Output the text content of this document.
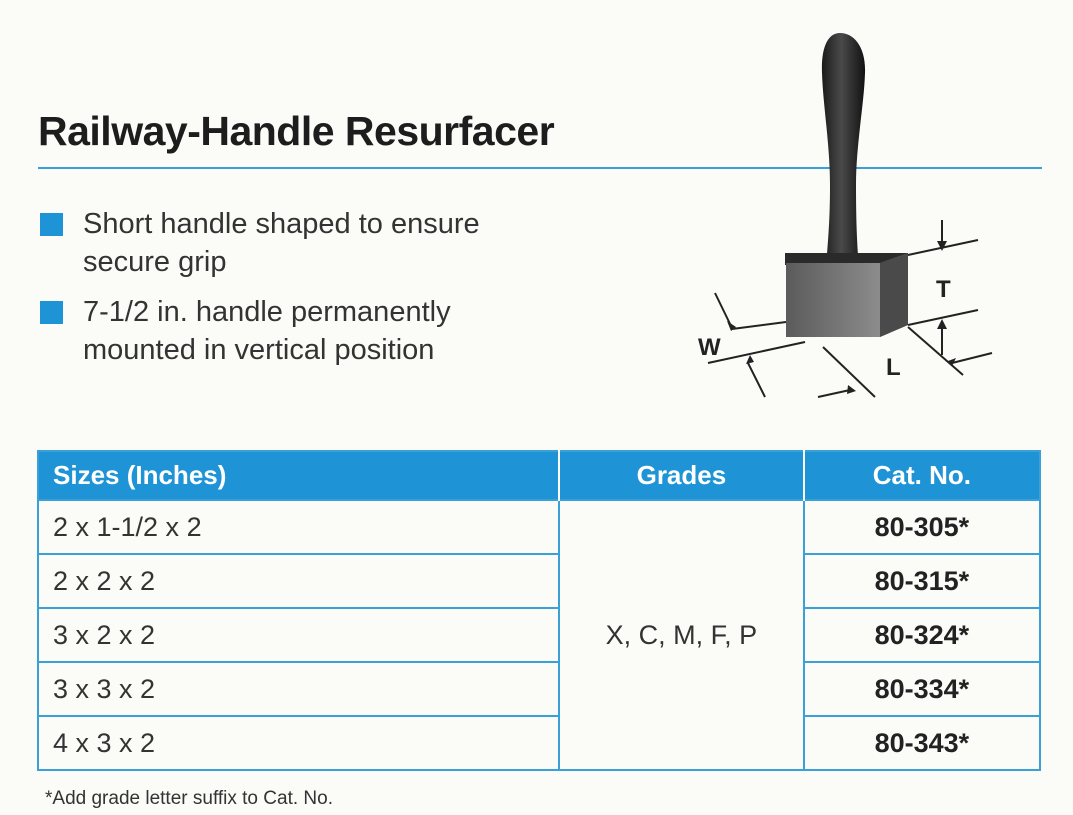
Railway-Handle Resurfacer
Short handle shaped to ensure
secure grip
7-1/2 in. handle permanently
mounted in vertical position
T
W
L
Sizes (Inches)	Grades	Cat. No.
2 x 1-1/2 x 2	X, C, M, F, P	80-305*
2 x 2 x 2		80-315*
3 x 2 x 2		80-324*
3 x 3 x 2		80-334*
4 x 3 x 2		80-343*
*Add grade letter suffix to Cat. No.
